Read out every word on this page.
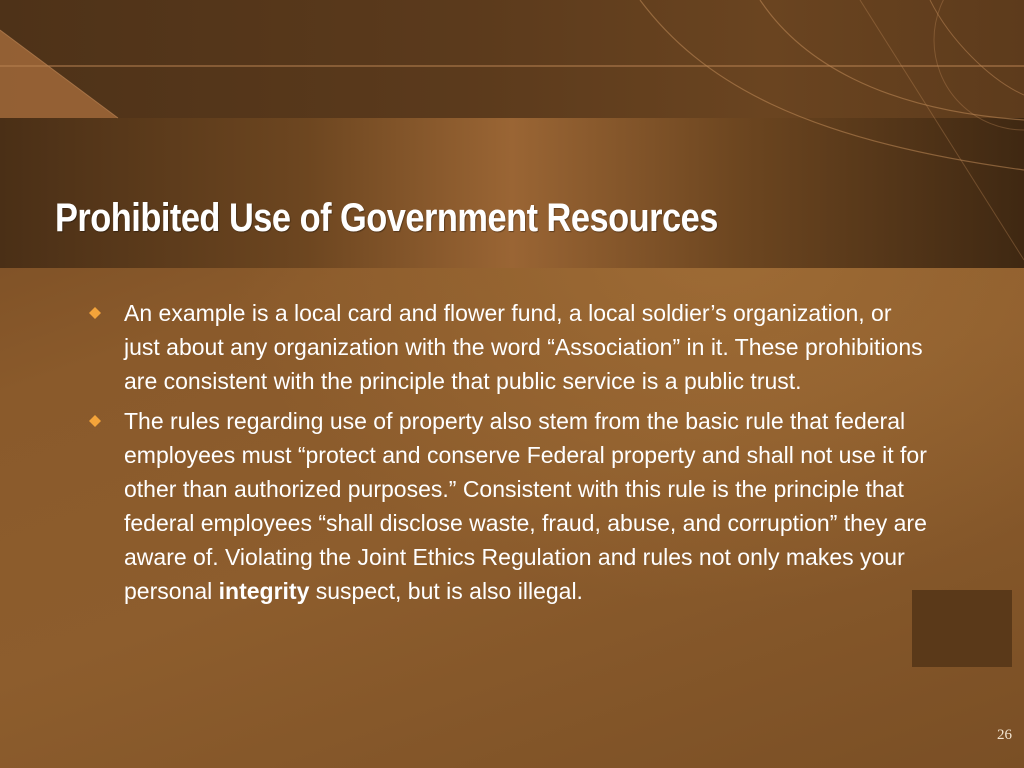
Prohibited Use of Government Resources
An example is a local card and flower fund, a local soldier’s organization, or just about any organization with the word “Association” in it. These prohibitions are consistent with the principle that public service is a public trust.
The rules regarding use of property also stem from the basic rule that federal employees must “protect and conserve Federal property and shall not use it for other than authorized purposes.” Consistent with this rule is the principle that federal employees “shall disclose waste, fraud, abuse, and corruption” they are aware of. Violating the Joint Ethics Regulation and rules not only makes your personal integrity suspect, but is also illegal.
26
